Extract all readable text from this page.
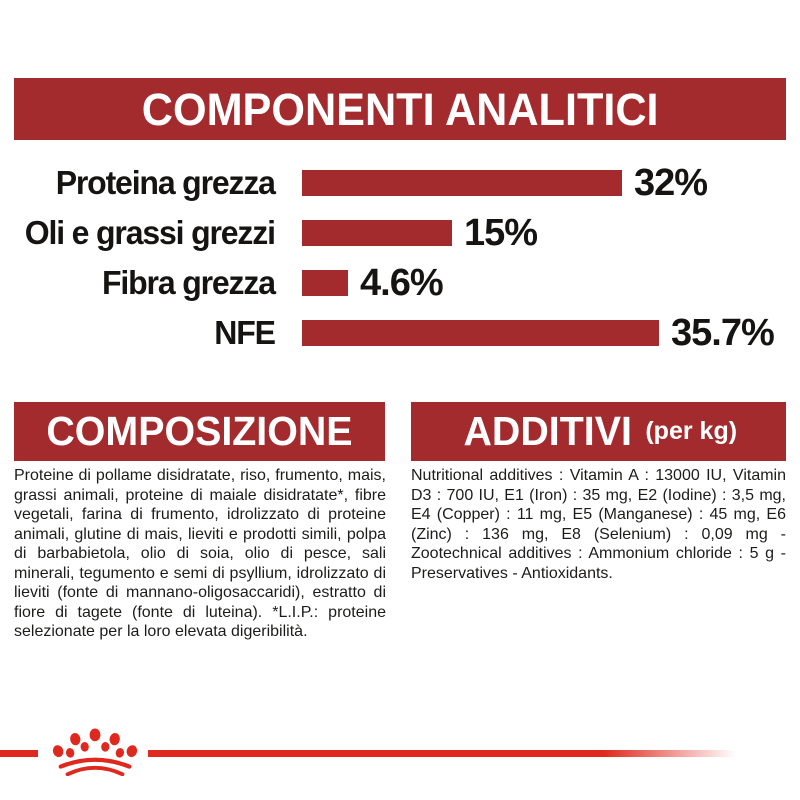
COMPONENTI ANALITICI
Proteina grezza	32%
Oli e grassi grezzi	15%
Fibra grezza	4.6%
NFE	35.7%
COMPOSIZIONE
Proteine di pollame disidratate, riso, frumento, mais, grassi animali, proteine di maiale disidratate*, fibre vegetali, farina di frumento, idrolizzato di proteine animali, glutine di mais, lieviti e prodotti simili, polpa di barbabietola, olio di soia, olio di pesce, sali minerali, tegumento e semi di psyllium, idrolizzato di lieviti (fonte di mannano-oligosaccaridi), estratto di fiore di tagete (fonte di luteina). *L.I.P.: proteine selezionate per la loro elevata digeribilità.
ADDITIVI (per kg)
Nutritional additives : Vitamin A : 13000 IU, Vitamin D3 : 700 IU, E1 (Iron) : 35 mg, E2 (Iodine) : 3,5 mg, E4 (Copper) : 11 mg, E5 (Manganese) : 45 mg, E6 (Zinc) : 136 mg, E8 (Selenium) : 0,09 mg - Zootechnical additives : Ammonium chloride : 5 g - Preservatives - Antioxidants.
